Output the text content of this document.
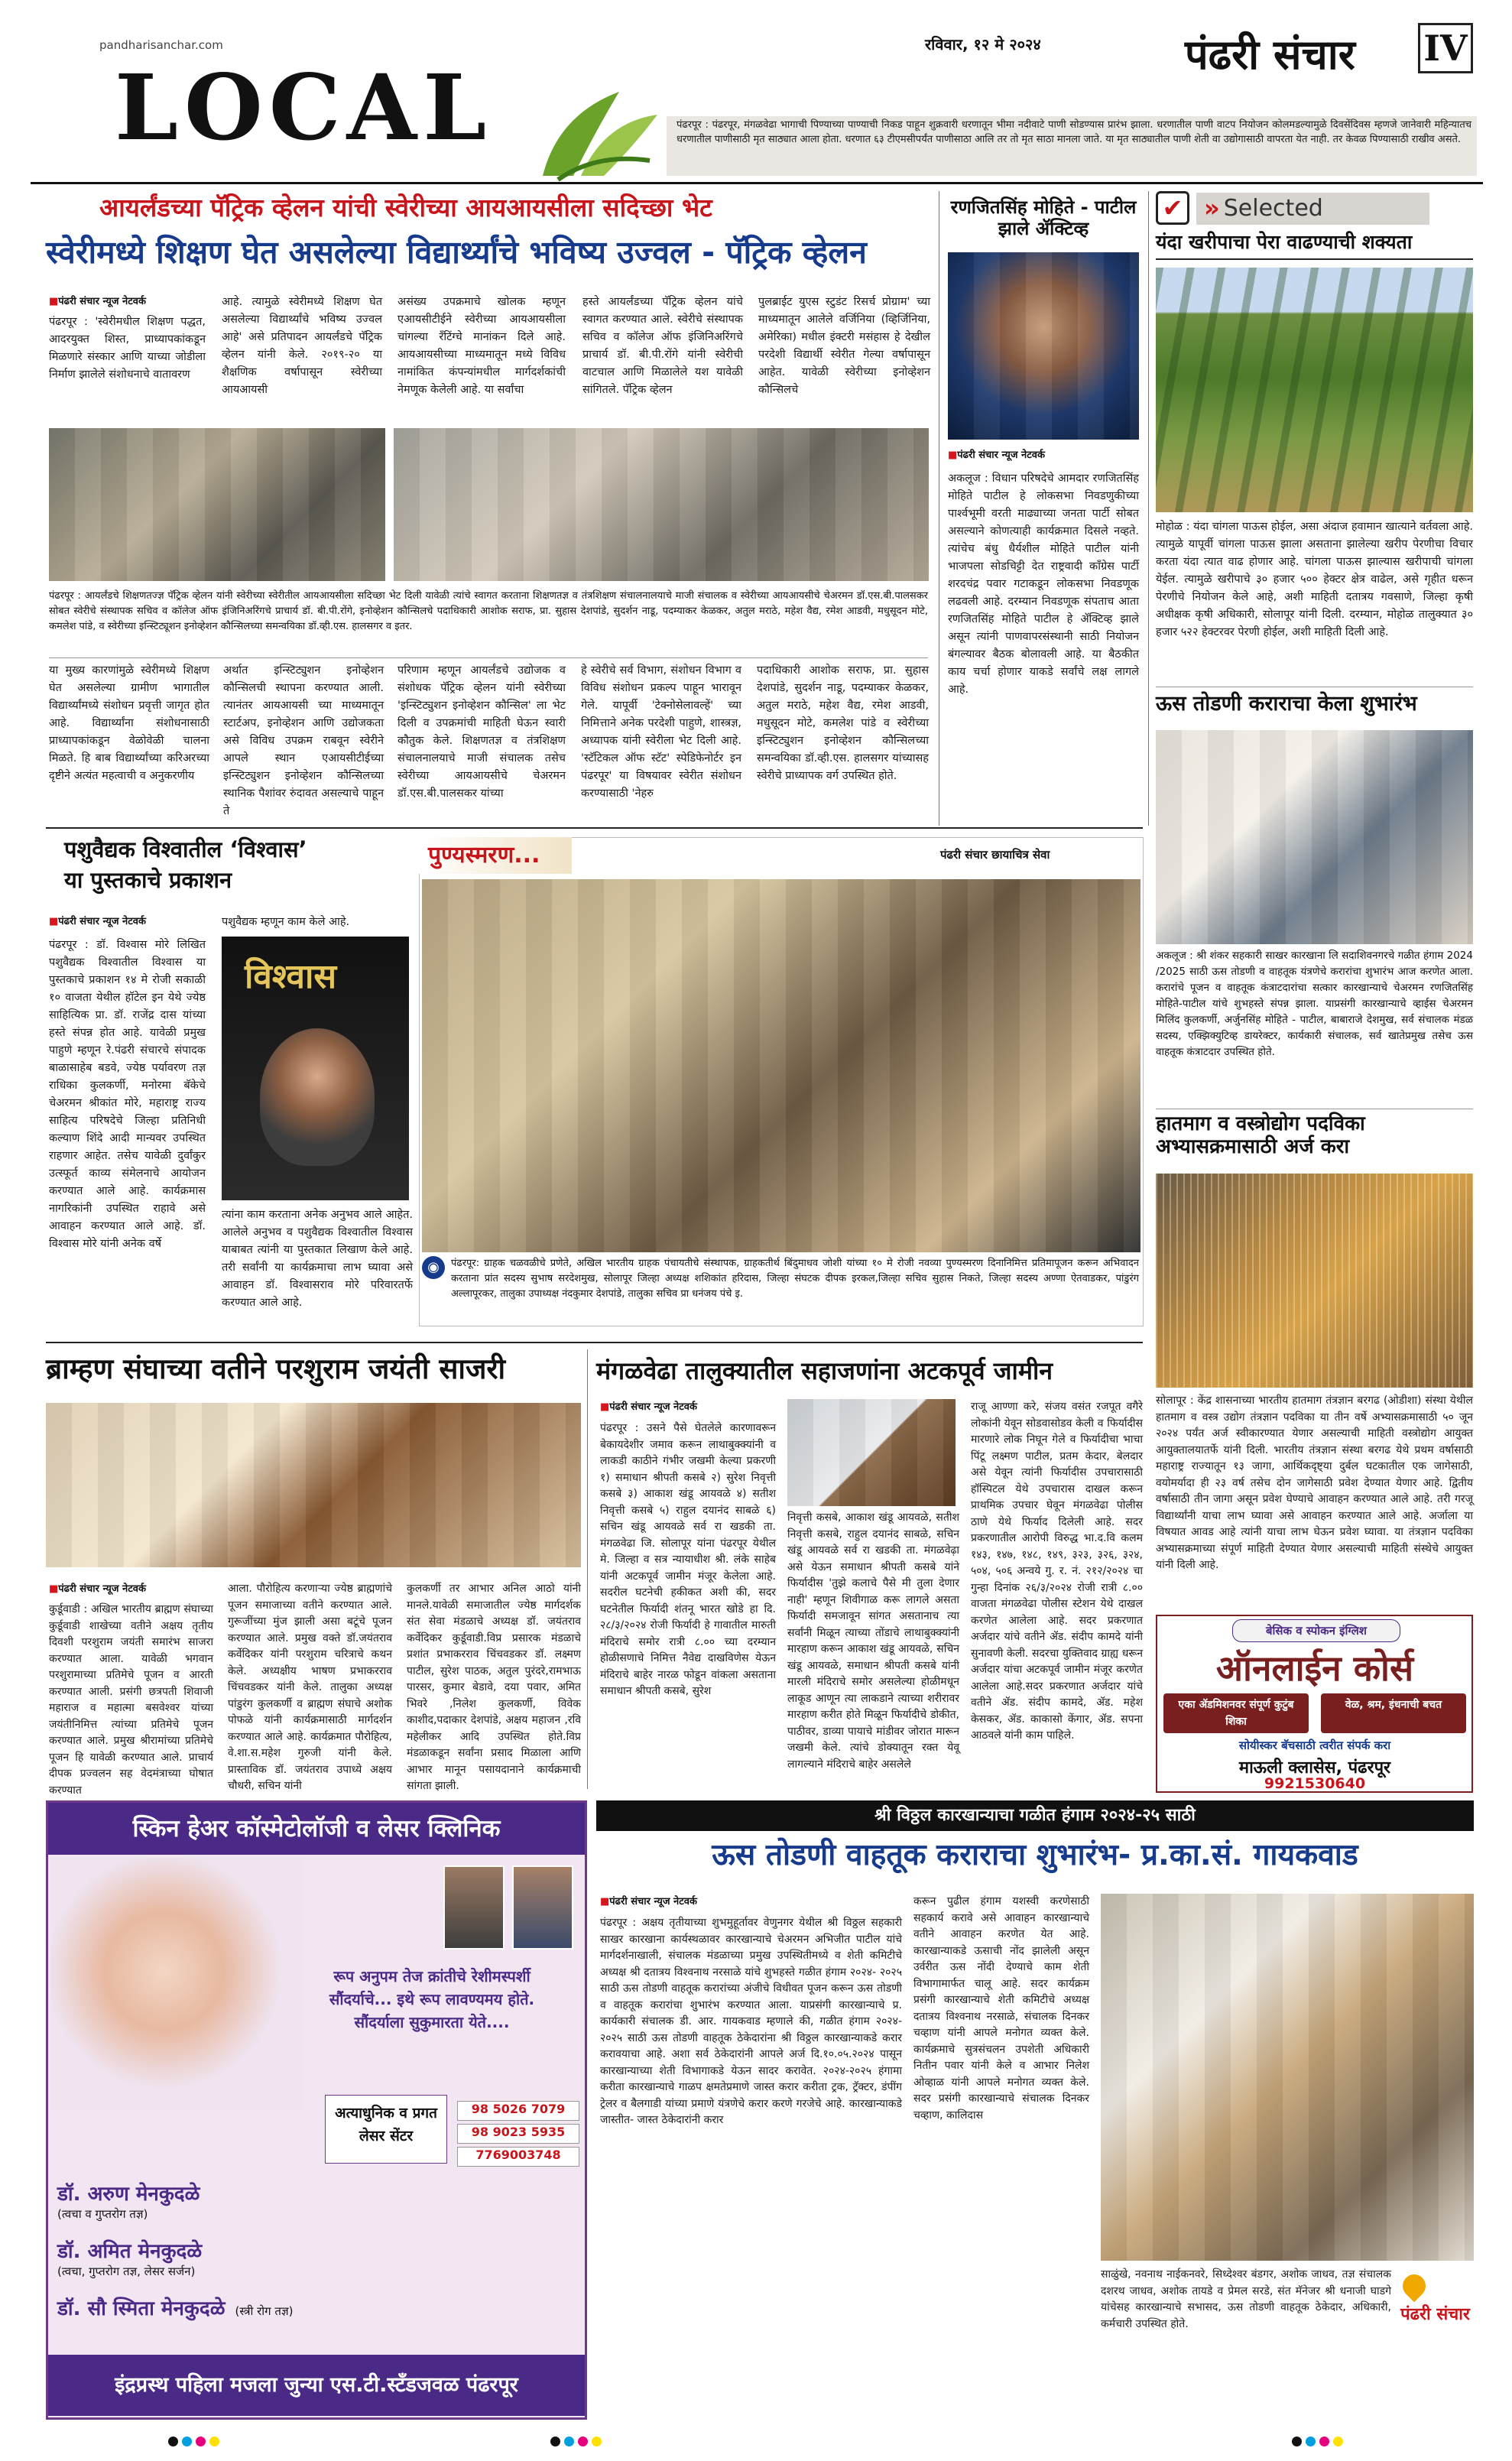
pandharisanchar.com
LOCAL
रविवार, १२ मे २०२४	पंढरी संचार IV
पंढरपूर : पंढरपूर, मंगळवेढा भागाची पिण्याच्या पाण्याची निकड पाहून शुक्रवारी धरणातून भीमा नदीवाटे पाणी सोडण्यास प्रारंभ झाला. धरणातील पाणी वाटप नियोजन कोलमडल्यामुळे दिवसेंदिवस म्हणजे जानेवारी महिन्यातच धरणातील पाणीसाठी मृत साठ्यात आला होता. धरणात ६३ टीएमसीपर्यंत पाणीसाठा आलि तर तो मृत साठा मानला जाते. या मृत साठ्यातील पाणी शेती वा उद्योगासाठी वापरता येत नाही. तर केवळ पिण्यासाठी राखीव असते.
आयर्लंडच्या पॅट्रिक व्हेलन यांची स्वेरीच्या आयआयसीला सदिच्छा भेट
स्वेरीमध्ये शिक्षण घेत असलेल्या विद्यार्थ्यांचे भविष्य उज्वल - पॅट्रिक व्हेलन
■ पंढरी संचार न्यूज नेटवर्क
पंढरपूर : 'स्वेरीमधील शिक्षण पद्धत, आदरयुक्त शिस्त, प्राध्यापकांकडून मिळणारे संस्कार आणि याच्या जोडीला निर्माण झालेले संशोधनाचे वातावरण
आहे. त्यामुळे स्वेरीमध्ये शिक्षण घेत असलेल्या विद्यार्थ्यांचे भविष्य उज्वल आहे' असे प्रतिपादन आयर्लंडचे पॅट्रिक व्हेलन यांनी केले. २०१९-२० या शैक्षणिक वर्षापासून स्वेरीच्या आयआयसी
असंख्य उपक्रमाचे खोलक म्हणून एआयसीटीईने स्वेरीच्या आयआयसीला चांगल्या रँटिंग्चे मानांकन दिले आहे. आयआयसीच्या माध्यमातून मध्ये विविध नामांकित कंपन्यांमधील मार्गदर्शकांची नेमणूक केलेली आहे. या सर्वांचा
हस्ते आयर्लंडच्या पॅट्रिक व्हेलन यांचे स्वागत करण्यात आले. स्वेरीचे संस्थापक सचिव व कॉलेज ऑफ इंजिनिअरिंगचे प्राचार्य डॉ. बी.पी.रोंगे यांनी स्वेरीची वाटचाल आणि मिळालेले यश यावेळी सांगितले. पॅट्रिक व्हेलन
पुलब्राईट युएस स्टुडंट रिसर्च प्रोग्राम' च्या माध्यमातून आलेले वर्जिनिया (व्हिर्जिनिया, अमेरिका) मधील इंक्टरी मसंहास हे देखील परदेशी विद्यार्थी स्वेरीत गेल्या वर्षापासून आहेत. यावेळी स्वेरीच्या इनोव्हेशन कौन्सिलचे
पंढरपूर : आयर्लंडचे शिक्षणतज्ज्ञ पॅट्रिक व्हेलन यांनी स्वेरीच्या स्वेरीतील आयआयसीला सदिच्छा भेट दिली यावेळी त्यांचे स्वागत करताना शिक्षणतज्ञ व तंत्रशिक्षण संचालनालयाचे माजी संचालक व स्वेरीच्या आयआयसीचे चेअरमन डॉ.एस.बी.पालसकर सोबत स्वेरीचे संस्थापक सचिव व कॉलेज ऑफ इंजिनिअरिंगचे प्राचार्य डॉ. बी.पी.रोंगे, इनोव्हेशन कौन्सिलचे पदाधिकारी आशोक सराफ, प्रा. सुहास देशपांडे, सुदर्शन नाडू, पदम्याकर केळकर, अतुल मराठे, महेश वैद्य, रमेश आडवी, मधुसूदन मोटे, कमलेश पांडे, व स्वेरीच्या इन्स्टिट्यूशन इनोव्हेशन कौन्सिलच्या समन्वयिका डॉ.व्ही.एस. हालसगर व इतर.
या मुख्य कारणांमुळे स्वेरीमध्ये शिक्षण घेत असलेल्या ग्रामीण भागातील विद्यार्थ्यांमध्ये संशोधन प्रवृत्ती जागृत होत आहे. विद्यार्थ्यांना संशोधनासाठी प्राध्यापकांकडून वेळोवेळी चालना मिळते. हि बाब विद्यार्थ्यांच्या करिअरच्या दृष्टीने अत्यंत महत्वाची व अनुकरणीय
अर्थात इन्स्टिट्युशन इनोव्हेशन कौन्सिलची स्थापना करण्यात आली. त्यानंतर आयआयसी च्या माध्यमातून स्टार्टअप, इनोव्हेशन आणि उद्योजकता असे विविध उपक्रम राबवून स्वेरीने आपले स्थान एआयसीटीईच्या इन्स्टिट्युशन इनोव्हेशन कौन्सिलच्या स्थानिक पैशांवर रुंदावत असल्याचे पाहून ते
परिणाम म्हणून आयर्लंडचे उद्योजक व संशोधक पॅट्रिक व्हेलन यांनी स्वेरीच्या 'इन्स्टिट्युशन इनोव्हेशन कौन्सिल' ला भेट दिली व उपक्रमांची माहिती घेऊन स्वारी कौतुक केले. शिक्षणतज्ञ व तंत्रशिक्षण संचालनालयाचे माजी संचालक तसेच स्वेरीच्या आयआयसीचे चेअरमन डॉ.एस.बी.पालसकर यांच्या
हे स्वेरीचे सर्व विभाग, संशोधन विभाग व विविध संशोधन प्रकल्प पाहून भारावून गेले. यापूर्वी 'टेक्नोसेलावल्हें' च्या निमित्ताने अनेक परदेशी पाहुणे, शास्त्रज्ञ, अध्यापक यांनी स्वेरीला भेट दिली आहे. 'स्टॅटिकल ऑफ स्टॅट' स्पेडिफेनोर्टर इन पंढरपूर' या विषयावर स्वेरीत संशोधन करण्यासाठी 'नेहरु
पदाधिकारी आशोक सराफ, प्रा. सुहास देशपांडे, सुदर्शन नाडू, पदम्याकर केळकर, अतुल मराठे, महेश वैद्य, रमेश आडवी, मधुसूदन मोटे, कमलेश पांडे व स्वेरीच्या इन्स्टिट्युशन इनोव्हेशन कौन्सिलच्या समन्वयिका डॉ.व्ही.एस. हालसगर यांच्यासह स्वेरीचे प्राध्यापक वर्ग उपस्थित होते.
रणजितसिंह मोहिते - पाटील झाले ॲक्टिव्ह
■ पंढरी संचार न्यूज नेटवर्क
अकलूज : विधान परिषदेचे आमदार रणजितसिंह मोहिते पाटील हे लोकसभा निवडणुकीच्या पार्श्वभूमी वरती माढ्याच्या जनता पार्टी सोबत असल्याने कोणत्याही कार्यक्रमात दिसले नव्हते. त्यांचेच बंधु धैर्यशील मोहिते पाटील यांनी भाजपला सोडचिट्टी देत राष्ट्रवादी कॉंग्रेस पार्टी शरदचंद्र पवार गटाकडून लोकसभा निवडणूक लढवली आहे. दरम्यान निवडणूक संपताच आता रणजितसिंह मोहिते पाटील हे ॲक्टिव्ह झाले असून त्यांनी पाणवापरसंस्थानी साठी नियोजन बंगल्यावर बैठक बोलावली आहे. या बैठकीत काय चर्चा होणार याकडे सर्वांचे लक्ष लागले आहे.
✔ » Selected
यंदा खरीपाचा पेरा वाढण्याची शक्यता
मोहोळ : यंदा चांगला पाऊस होईल, असा अंदाज हवामान खात्याने वर्तवला आहे. त्यामुळे यापूर्वी चांगला पाऊस झाला असताना झालेल्या खरीप पेरणीचा विचार करता यंदा त्यात वाढ होणार आहे. चांगला पाऊस झाल्यास खरीपाची चांगला येईल. त्यामुळे खरीपाचे ३० हजार ५०० हेक्टर क्षेत्र वाढेल, असे गृहीत धरून पेरणीचे नियोजन केले आहे, अशी माहिती दतात्रय गवसाणे, जिल्हा कृषी अधीक्षक कृषी अधिकारी, सोलापूर यांनी दिली. दरम्यान, मोहोळ तालुक्यात ३० हजार ५२२ हेक्टरवर पेरणी होईल, अशी माहिती दिली आहे.
ऊस तोडणी कराराचा केला शुभारंभ
अकलूज : श्री शंकर सहकारी साखर कारखाना लि सदाशिवनगरचे गळीत हंगाम 2024 /2025 साठी ऊस तोडणी व वाहतूक यंत्रणेचे करारांचा शुभारंभ आज करणेत आला. करारांचे पूजन व वाहतूक कंत्राटदारांचा सत्कार कारखान्याचे चेअरमन रणजितसिंह मोहिते-पाटील यांचे शुभहस्ते संपन्न झाला. याप्रसंगी कारखान्याचे व्हाईस चेअरमन मिलिंद कुलकर्णी, अर्जुनसिंह मोहिते - पाटील, बाबाराजे देशमुख, सर्व संचालक मंडळ सदस्य, एक्झिक्युटिव्ह डायरेक्टर, कार्यकारी संचालक, सर्व खातेप्रमुख तसेच ऊस वाहतूक कंत्राटदार उपस्थित होते.
हातमाग व वस्त्रोद्योग पदविका अभ्यासक्रमासाठी अर्ज करा
सोलापूर : केंद्र शासनाच्या भारतीय हातमाग तंत्रज्ञान बरगढ (ओडीशा) संस्था येथील हातमाग व वस्त्र उद्योग तंत्रज्ञान पदविका या तीन वर्षे अभ्यासक्रमासाठी ५० जून २०२४ पर्यंत अर्ज स्वीकारण्यात येणार असल्याची माहिती वस्त्रोद्योग आयुक्त आयुक्तालयातर्फे यांनी दिली. भारतीय तंत्रज्ञान संस्था बरगढ येथे प्रथम वर्षासाठी महाराष्ट्र राज्यातून १३ जागा, आर्थिकदृष्ट्या दुर्बल घटकातील एक जागेसाठी, वयोमर्यादा ही २३ वर्ष तसेच दोन जागेसाठी प्रवेश देण्यात येणार आहे. द्वितीय वर्षासाठी तीन जागा असून प्रवेश घेण्याचे आवाहन करण्यात आले आहे. तरी गरजू विद्यार्थ्यांनी याचा लाभ घ्यावा असे आवाहन करण्यात आले आहे. अर्जाला या विषयात आवड आहे त्यांनी याचा लाभ घेऊन प्रवेश घ्यावा. या तंत्रज्ञान पदविका अभ्यासक्रमाच्या संपूर्ण माहिती देण्यात येणार असल्याची माहिती संस्थेचे आयुक्त यांनी दिली आहे.
पशुवैद्यक विश्वातील ‘विश्वास’
या पुस्तकाचे प्रकाशन
■ पंढरी संचार न्यूज नेटवर्क
पंढरपूर : डॉ. विश्वास मोरे लिखित पशुवैद्यक विश्वातील विश्वास या पुस्तकाचे प्रकाशन १४ मे रोजी सकाळी १० वाजता येथील हॉटेल इन येथे ज्येष्ठ साहित्यिक प्रा. डॉ. राजेंद्र दास यांच्या हस्ते संपन्न होत आहे. यावेळी प्रमुख पाहुणे म्हणून रे.पंढरी संचारचे संपादक बाळासाहेब बडवे, ज्येष्ठ पर्यावरण तज्ञ राधिका कुलकर्णी, मनोरमा बॅकेचे चेअरमन श्रीकांत मोरे, महाराष्ट्र राज्य साहित्य परिषदेचे जिल्हा प्रतिनिधी कल्याण शिंदे आदी मान्यवर उपस्थित राहणार आहेत. तसेच यावेळी दुर्वांकुर उत्स्फूर्त काव्य संमेलनाचे आयोजन करण्यात आले आहे. कार्यक्रमास नागरिकांनी उपस्थित राहावे असे आवाहन करण्यात आले आहे. डॉ. विश्वास मोरे यांनी अनेक वर्षे
पशुवैद्यक म्हणून काम केले आहे.
विश्वास
त्यांना काम करताना अनेक अनुभव आले आहेत. आलेले अनुभव व पशुवैद्यक विश्वातील विश्वास याबाबत त्यांनी या पुस्तकात लिखाण केले आहे. तरी सर्वांनी या कार्यक्रमाचा लाभ घ्यावा असे आवाहन डॉ. विश्वासराव मोरे परिवारतर्फे करण्यात आले आहे.
पुण्यस्मरण...	पंढरी संचार छायाचित्र सेवा
◉	पंढरपूर: ग्राहक चळवळीचे प्रणेते, अखिल भारतीय ग्राहक पंचायतीचे संस्थापक, ग्राहकतीर्थ बिंदुमाधव जोशी यांच्या १० मे रोजी नवव्या पुण्यस्मरण दिनानिमित्त प्रतिमापूजन करून अभिवादन करताना प्रांत सदस्य सुभाष सरदेशमुख, सोलापूर जिल्हा अध्यक्ष शशिकांत हरिदास, जिल्हा संघटक दीपक इरकल,जिल्हा सचिव सुहास निकते, जिल्हा सदस्य अण्णा ऐतवाडकर, पांडुरंग अल्लापूरकर, तालुका उपाध्यक्ष नंदकुमार देशपांडे, तालुका सचिव प्रा धनंजय पंचे इ.
ब्राम्हण संघाच्या वतीने परशुराम जयंती साजरी
■ पंढरी संचार न्यूज नेटवर्क
कुर्डूवाडी : अखिल भारतीय ब्राह्मण संघाच्या कुर्डूवाडी शाखेच्या वतीने अक्षय तृतीय दिवशी परशुराम जयंती समारंभ साजरा करण्यात आला. यावेळी भगवान परशुरामाच्या प्रतिमेचे पूजन व आरती करण्यात आली. प्रसंगी छत्रपती शिवाजी महाराज व महात्मा बसवेश्वर यांच्या जयंतीनिमित्त त्यांच्या प्रतिमेचे पूजन करण्यात आले. प्रमुख श्रीरामांच्या प्रतिमेचे पूजन हि यावेळी करण्यात आले. प्राचार्य दीपक प्रज्वलन सह वेदमंत्राच्या घोषात करण्यात
आला. पौरोहित्य करणाऱ्या ज्येष्ठ ब्राह्मणांचे पूजन समाजाच्या वतीने करण्यात आले. गुरूजींच्या मुंज झाली असा बटूंचे पूजन करण्यात आले. प्रमुख वक्ते डॉ.जयंतराव कर्वेदिकर यांनी परशुराम चरित्राचे कथन केले. अध्यक्षीय भाषण प्रभाकरराव चिंचवडकर यांनी केले. तालुका अध्यक्ष पांडुरंग कुलकर्णी व ब्राह्मण संघाचे अशोक पोफळे यांनी कार्यक्रमासाठी मार्गदर्शन करण्यात आले आहे. कार्यक्रमात पौरोहित्य, वे.शा.स.महेश गुरुजी यांनी केले. प्रास्ताविक डॉ. जयंतराव उपाध्ये अक्षय चौधरी, सचिन यांनी
कुलकर्णी तर आभार अनिल आठो यांनी मानले.यावेळी समाजातील ज्येष्ठ मार्गदर्शक संत सेवा मंडळाचे अध्यक्ष डॉ. जयंतराव कर्वेदिकर कुर्डूवाडी.विप्र प्रसारक मंडळाचे प्रशांत प्रभाकरराव चिंचवडकर डॉ. लक्ष्मण पाटील, सुरेश पाठक, अतुल पुरंदरे,रामभाऊ पारसर, कुमार बेडावे, दया पवार, अमित भिवरे ,निलेश कुलकर्णी, विवेक काशीद,पदाकार देशपांडे, अक्षय महाजन ,रवि महेलीकर आदि उपस्थित होते.विप्र मंडळाकडून सर्वांना प्रसाद मिळाला आणि आभार मानून पसायदानाने कार्यक्रमाची सांगता झाली.
मंगळवेढा तालुक्यातील सहाजणांना अटकपूर्व जामीन
■ पंढरी संचार न्यूज नेटवर्क
पंढरपूर : उसने पैसे घेतलेले कारणावरून बेकायदेशीर जमाव करून लाथाबुक्क्यांनी व लाकडी काठीने गंभीर जखमी केल्या प्रकरणी १) समाधान श्रीपती कसबे २) सुरेश निवृत्ती कसबे ३) आकाश खंडू आयवळे ४) सतीश निवृत्ती कसबे ५) राहुल दयानंद साबळे ६) सचिन खंडू आयवळे सर्व रा खडकी ता. मंगळवेढा जि. सोलापूर यांना पंढरपूर येथील मे. जिल्हा व सत्र न्यायाधीश श्री. लंके साहेब यांनी अटकपूर्व जामीन मंजूर केलेला आहे. सदरील घटनेची हकीकत अशी की, सदर घटनेतील फिर्यादी शंतनू भारत खोडे हा दि. २८/३/२०२४ रोजी फिर्यादी हे गावातील मारुती मंदिराचे समोर रात्री ८.०० च्या दरम्यान होळीसणाचे निमित्त नैवेद्य दाखविणेस येऊन मंदिराचे बाहेर नारळ फोडून वांकला असताना समाधान श्रीपती कसबे, सुरेश
निवृत्ती कसबे, आकाश खंडू आयवळे, सतीश निवृत्ती कसबे, राहुल दयानंद साबळे, सचिन खंडू आयवळे सर्व रा खडकी ता. मंगळवेढ़ा असे येऊन समाधान श्रीपती कसबे यांने फिर्यादीस 'तुझे कलाचे पैसे मी तुला देणार नाही' म्हणून शिवीगाळ करू लागले असता फिर्यादी समजावून सांगत असतानाच त्या सर्वांनी मिळून त्याच्या तोंडाचे लाथाबुक्क्यांनी मारहाण करून आकाश खंडू आयवळे, सचिन खंडू आयवळे, समाधान श्रीपती कसबे यांनी मारली मंदिराचे समोर असलेल्या होळीमधून लाकूड आणून त्या लाकडाने त्याच्या शरीरावर मारहाण करीत होते मिळून फिर्यादीचे डोकीत, पाठीवर, डाव्या पायाचे मांडीवर जोरात मारून जखमी केले. त्यांचे डोक्यातून रक्त येवू लागल्याने मंदिराचे बाहेर असलेले
राजू आण्णा करे, संजय वसंत रजपूत वगैरे लोकांनी येवून सोडवासोडव केली व फिर्यादीस मारणारे लोक निघून गेले व फिर्यादीचा भाचा पिंटू लक्ष्मण पाटील, प्रतम केदार, बेलदार असे येवून त्यांनी फिर्यादीस उपचारासाठी हॉस्पिटल येथे उपचारास दाखल करून प्राथमिक उपचार घेवून मंगळवेढा पोलीस ठाणे येथे फिर्याद दिलेली आहे. सदर प्रकरणातील आरोपी विरुद्ध भा.द.वि कलम १४३, १४७, १४८, १४९, ३२३, ३२६, ३२४, ५०४, ५०६ अन्वये गु. र. नं. २१२/२०२४ चा गुन्हा दिनांक २६/३/२०२४ रोजी रात्री ८.०० वाजता मंगळवेढा पोलीस स्टेशन येथे दाखल करणेत आलेला आहे. सदर प्रकरणात अर्जदार यांचे वतीने ॲड. संदीप कामदे यांनी सुनावणी केली. सदरचा युक्तिवाद ग्राह्य धरून अर्जदार यांचा अटकपूर्व जामीन मंजूर करणेत आलेला आहे.सदर प्रकरणात अर्जदार यांचे वतीने ॲड. संदीप कामदे, ॲड. महेश केसकर, ॲड. काकासो केंगार, ॲड. सपना आठवले यांनी काम पाहिले.
बेसिक व स्पोकन इंग्लिश
ऑनलाईन कोर्स
एका ॲडमिशनवर संपूर्ण कुटुंब शिका
वेळ, श्रम, इंधनाची बचत
सोयीस्कर बॅचसाठी त्वरीत संपर्क करा
माऊली क्लासेस, पंढरपूर
9921530640
स्किन हेअर कॉस्मेटोलॉजी व लेसर क्लिनिक
रूप अनुपम तेज क्रांतीचे रेशीमस्पर्शी सौंदर्याचे... इथे रूप लावण्यमय होते. सौंदर्याला सुकुमारता येते....
अत्याधुनिक व प्रगत लेसर सेंटर
98 5026 7079
98 9023 5935
7769003748
डॉ. अरुण मेनकुदळे
(त्वचा व गुप्तरोग तज्ञ)
डॉ. अमित मेनकुदळे
(त्वचा, गुप्तरोग तज्ञ, लेसर सर्जन)
डॉ. सौ स्मिता मेनकुदळे (स्त्री रोग तज्ञ)
इंद्रप्रस्थ पहिला मजला जुन्या एस.टी.स्टॅंडजवळ पंढरपूर
श्री विठ्ठल कारखान्याचा गळीत हंगाम २०२४-२५ साठी
ऊस तोडणी वाहतूक कराराचा शुभारंभ- प्र.का.सं. गायकवाड
■ पंढरी संचार न्यूज नेटवर्क
पंढरपूर : अक्षय तृतीयाच्या शुभमुहूर्तावर वेणुनगर येथील श्री विठ्ठल सहकारी साखर कारखाना कार्यस्थळावर कारखान्याचे चेअरमन अभिजीत पाटील यांचे मार्गदर्शनाखाली, संचालक मंडळाच्या प्रमुख उपस्थितीमध्ये व शेती कमिटीचे अध्यक्ष श्री दतात्रय विश्वनाथ नरसाळे यांचे शुभहस्ते गळीत हंगाम २०२४- २०२५ साठी ऊस तोडणी वाहतूक करारांच्या अंजीचे विधीवत पूजन करून ऊस तोडणी व वाहतूक करारांचा शुभारंभ करण्यात आला. याप्रसंगी कारखान्याचे प्र. कार्यकारी संचालक डी. आर. गायकवाड म्हणाले की, गळीत हंगाम २०२४- २०२५ साठी ऊस तोडणी वाहतूक ठेकेदारांना श्री विठ्ठल कारखान्याकडे करार करावयाचा आहे. अशा सर्व ठेकेदारांनी आपले अर्ज दि.१०.०५.२०२४ पासून कारखान्याच्या शेती विभागाकडे येऊन सादर करावेत. २०२४-२०२५ हंगामा करीता कारखान्याचे गाळप क्षमतेप्रमाणे जास्त करार करीता ट्रक, ट्रॅक्टर, डंपींग ट्रेलर व बैलगाडी यांच्या प्रमाणे यंत्रणेचे करार करणे गरजेचे आहे. कारखान्याकडे जास्तीत- जास्त ठेकेदारांनी करार
करून पुढील हंगाम यशस्वी करणेसाठी सहकार्य करावे असे आवाहन कारखान्याचे वतीने आवाहन करणेत येत आहे. कारखान्याकडे ऊसाची नोंद झालेली असून उर्वरीत ऊस नोंदी देण्याचे काम शेती विभागामार्फत चालू आहे. सदर कार्यक्रम प्रसंगी कारखान्याचे शेती कमिटीचे अध्यक्ष दतात्रय विश्वनाथ नरसाळे, संचालक दिनकर चव्हाण यांनी आपले मनोगत व्यक्त केले. कार्यक्रमाचे सुत्रसंचलन उपशेती अधिकारी नितीन पवार यांनी केले व आभार निलेश ओव्हाळ यांनी आपले मनोगत व्यक्त केले. सदर प्रसंगी कारखान्याचे संचालक दिनकर चव्हाण, कालिदास
साळुंखे, नवनाथ नाईकनवरे, सिध्देश्वर बंडगर, अशोक जाधव, तज्ञ संचालक दशरथ जाधव, अशोक तायडे व प्रेमल सरडे, संत मॅनेजर श्री धनाजी घाडगे यांचेसह कारखान्याचे सभासद, ऊस तोडणी वाहतूक ठेकेदार, अधिकारी, कर्मचारी उपस्थित होते.	पंढरी संचार
